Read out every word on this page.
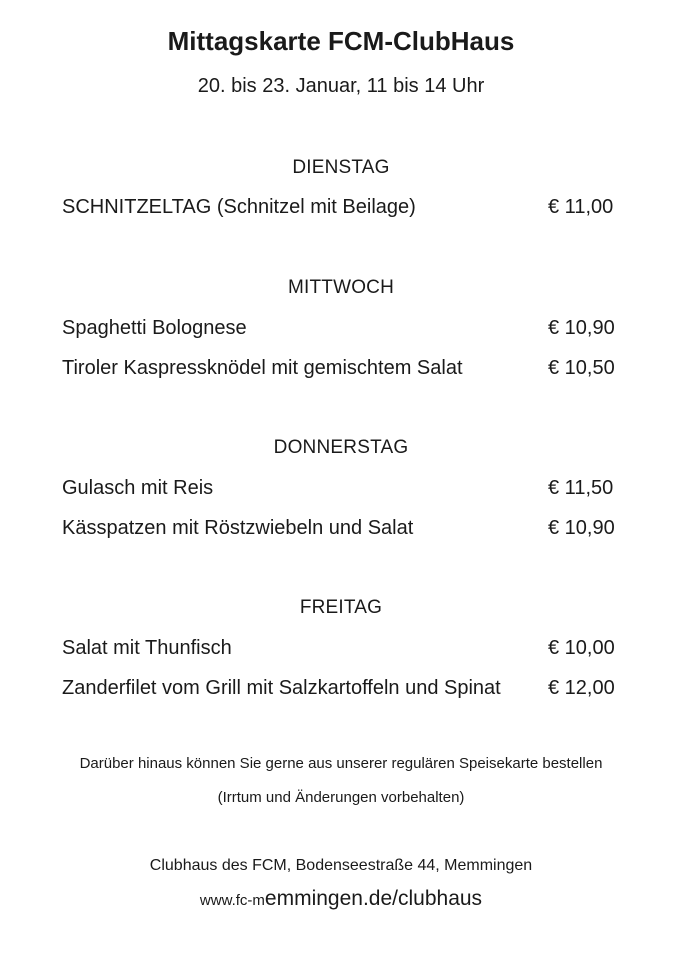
Mittagskarte FCM-ClubHaus
20. bis 23. Januar, 11 bis 14 Uhr
DIENSTAG
SCHNITZELTAG (Schnitzel mit Beilage)	€ 11,00
MITTWOCH
Spaghetti Bolognese	€ 10,90
Tiroler Kaspressknödel mit gemischtem Salat	€ 10,50
DONNERSTAG
Gulasch mit Reis	€ 11,50
Kässpatzen mit Röstzwiebeln und Salat	€ 10,90
FREITAG
Salat mit Thunfisch	€ 10,00
Zanderfilet vom Grill mit Salzkartoffeln und Spinat	€ 12,00
Darüber hinaus können Sie gerne aus unserer regulären Speisekarte bestellen
(Irrtum und Änderungen vorbehalten)
Clubhaus des FCM, Bodenseestraße 44, Memmingen
www.fc-memmingen.de/clubhaus
